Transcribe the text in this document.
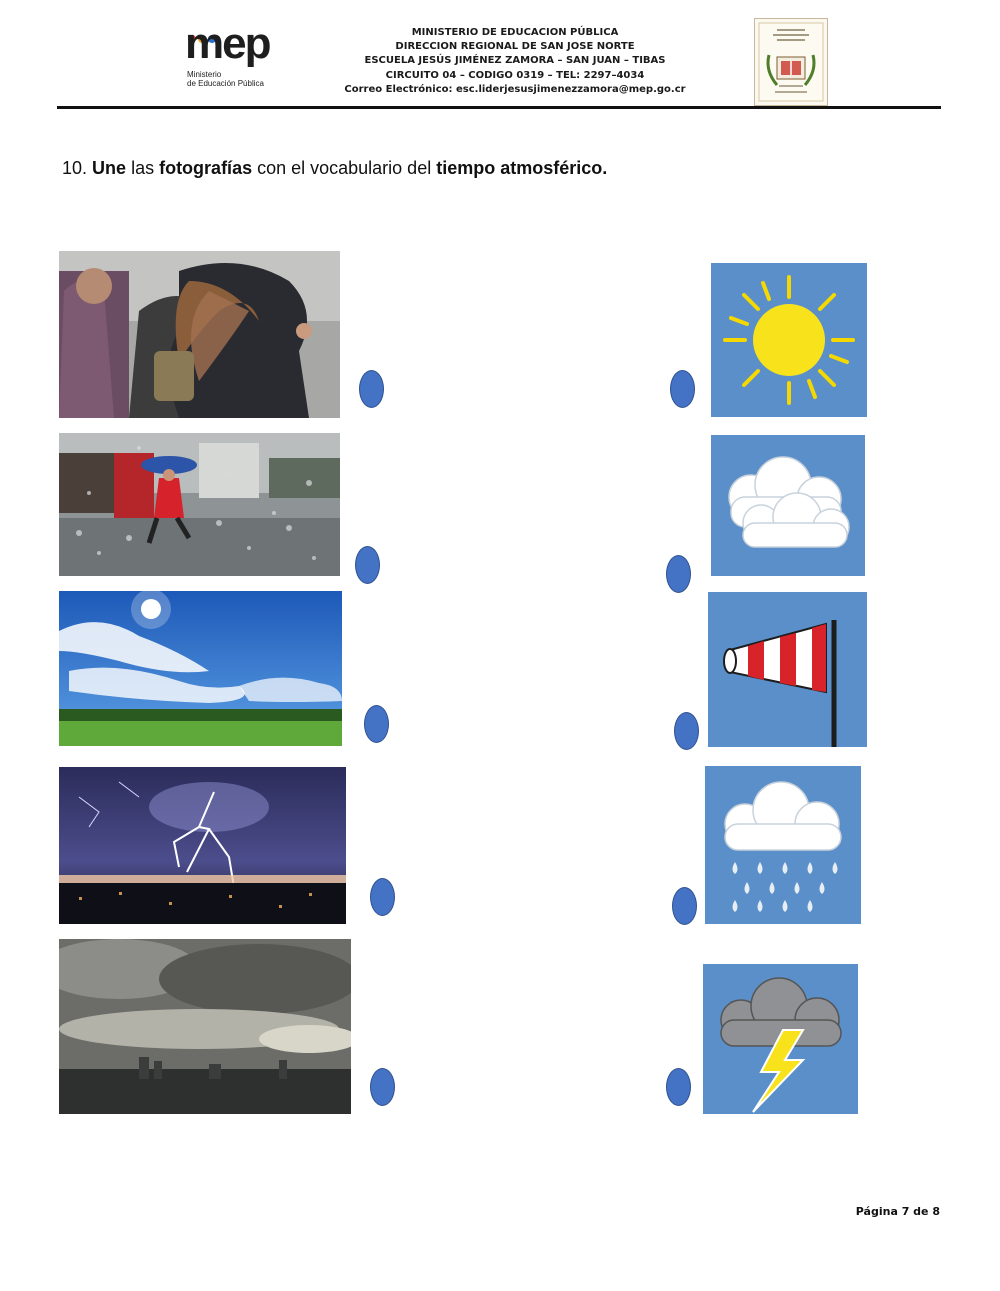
mep
Ministerio
de Educación Pública
MINISTERIO DE EDUCACION PÚBLICA
DIRECCION REGIONAL DE SAN JOSE NORTE
ESCUELA JESÚS JIMÉNEZ ZAMORA – SAN JUAN – TIBAS
CIRCUITO 04 – CODIGO 0319 – TEL: 2297–4034
Correo Electrónico: esc.liderjesusjimenezzamora@mep.go.cr
10. Une las fotografías con el vocabulario del tiempo atmosférico.
Página 7 de 8
